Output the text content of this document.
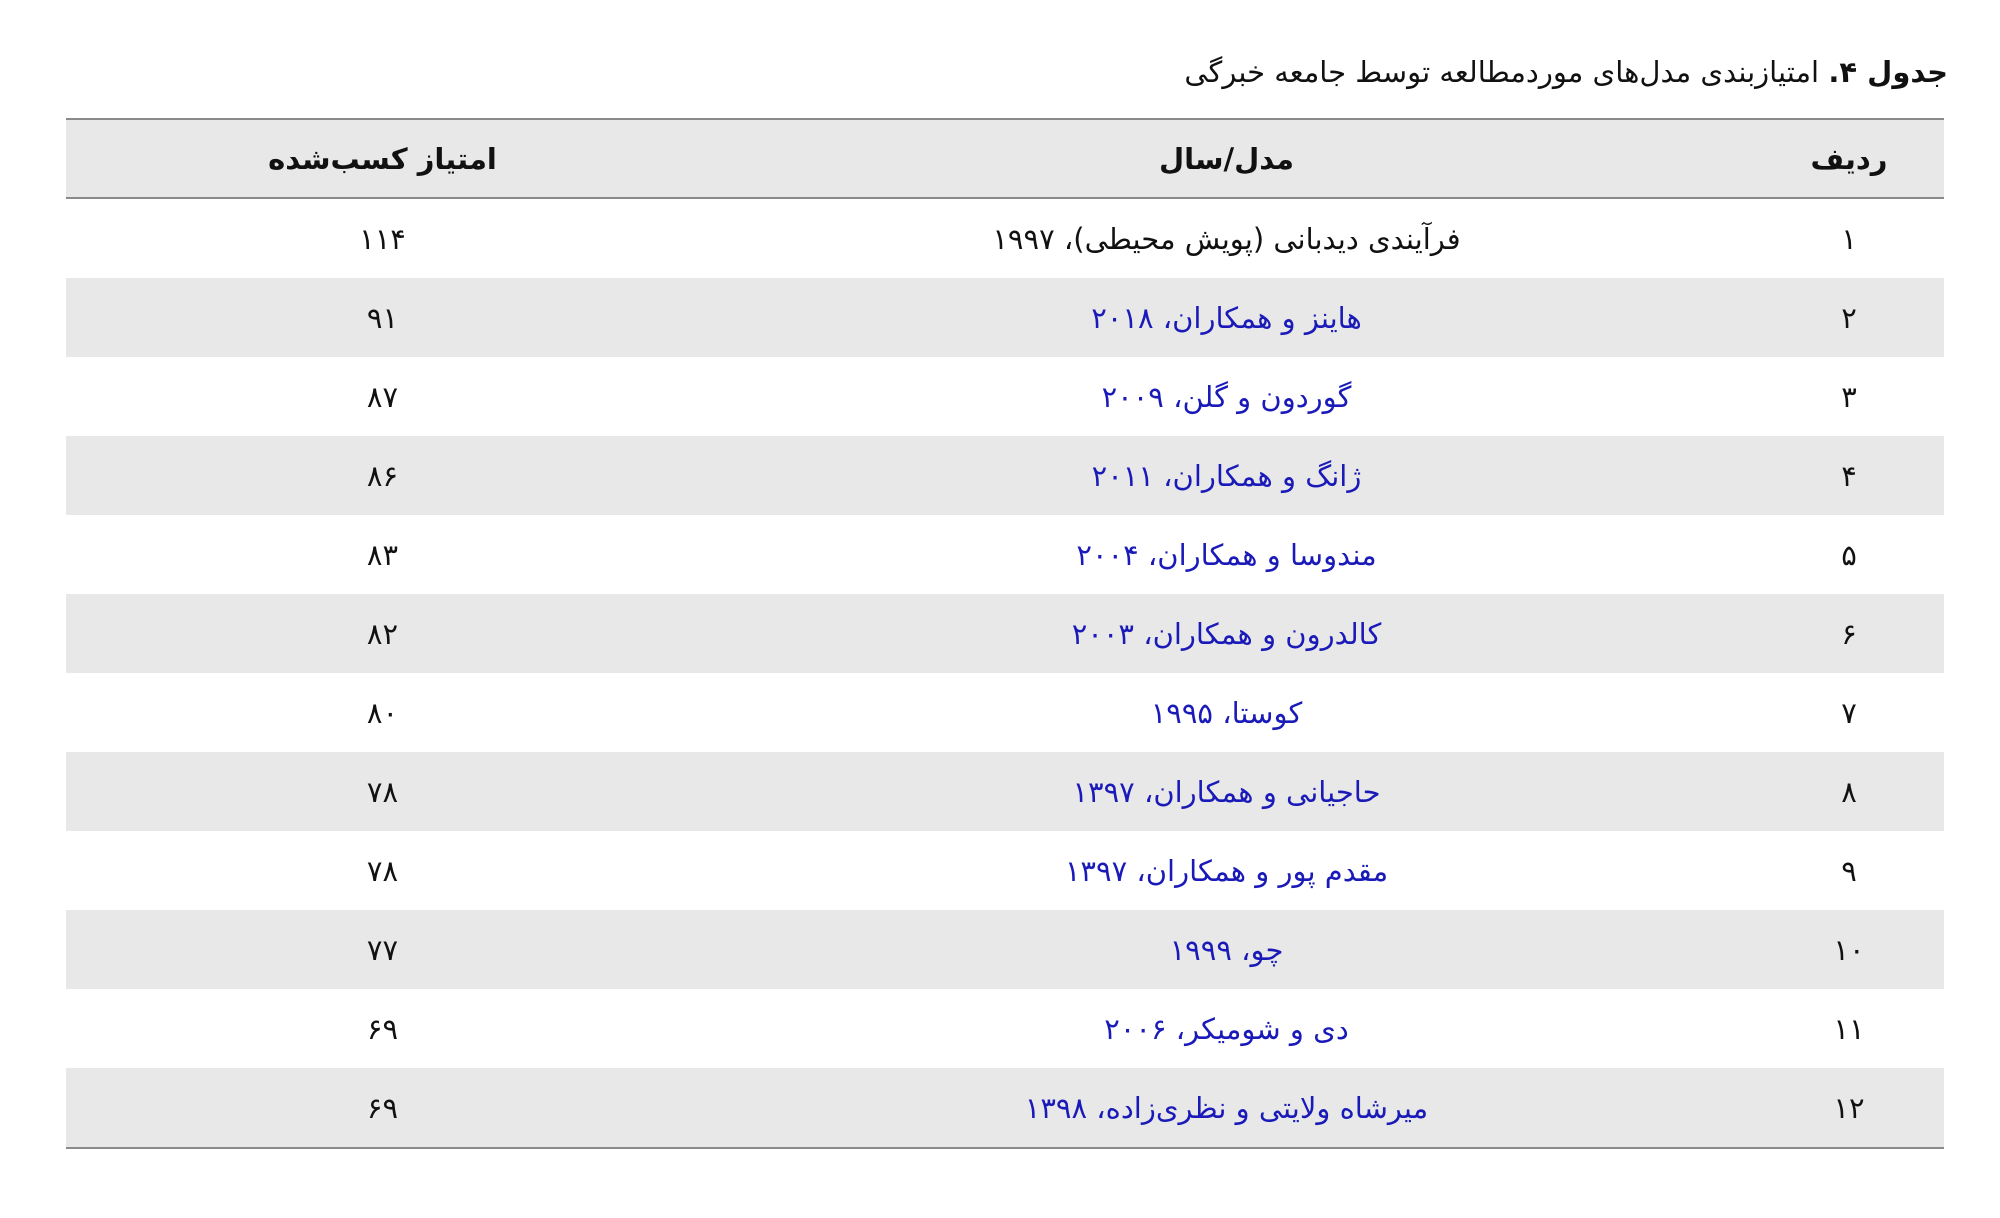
جدول ۴. امتیازبندی مدل‌های موردمطالعه توسط جامعه خبرگی
ردیف	مدل/سال	امتیاز کسب‌شده
۱	فرآیندی دیدبانی (پویش محیطی)، ۱۹۹۷	۱۱۴
۲	هاینز و همکاران، ۲۰۱۸	۹۱
۳	گوردون و گلن، ۲۰۰۹	۸۷
۴	ژانگ و همکاران، ۲۰۱۱	۸۶
۵	مندوسا و همکاران، ۲۰۰۴	۸۳
۶	کالدرون و همکاران، ۲۰۰۳	۸۲
۷	کوستا، ۱۹۹۵	۸۰
۸	حاجیانی و همکاران، ۱۳۹۷	۷۸
۹	مقدم پور و همکاران، ۱۳۹۷	۷۸
۱۰	چو، ۱۹۹۹	۷۷
۱۱	دی و شومیکر، ۲۰۰۶	۶۹
۱۲	میرشاه ولایتی و نظری‌زاده، ۱۳۹۸	۶۹
